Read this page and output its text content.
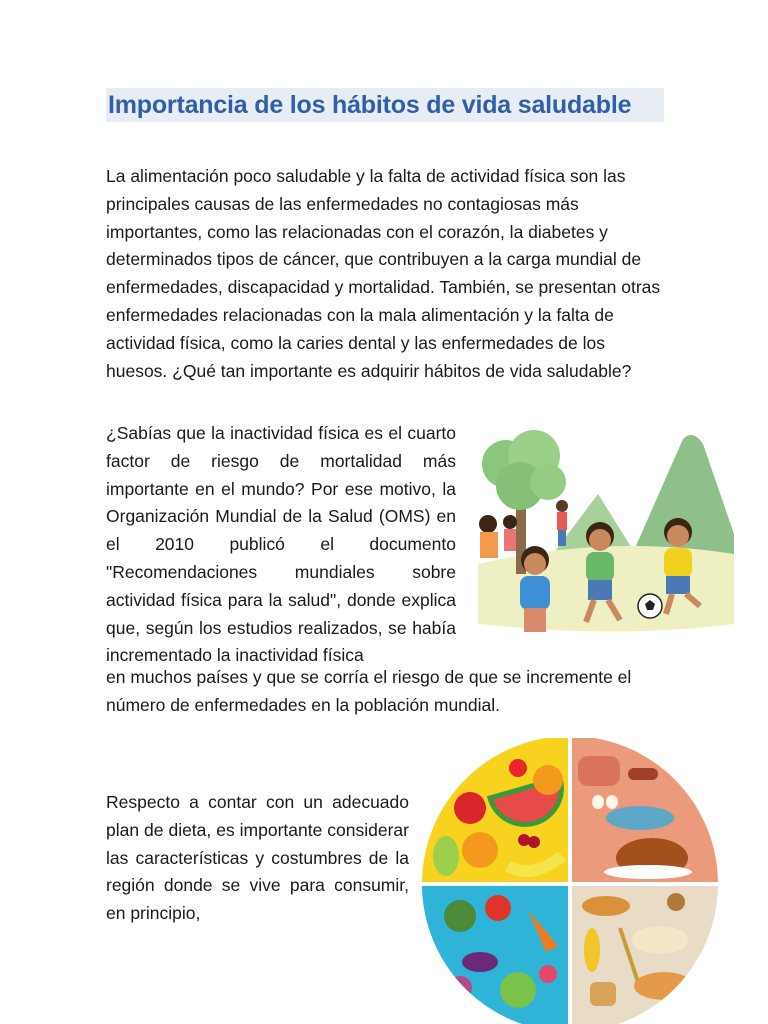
Importancia de los hábitos de vida saludable

La alimentación poco saludable y la falta de actividad física son las principales causas de las enfermedades no contagiosas más importantes, como las relacionadas con el corazón, la diabetes y determinados tipos de cáncer, que contribuyen a la carga mundial de enfermedades, discapacidad y mortalidad. También, se presentan otras enfermedades relacionadas con la mala alimentación y la falta de actividad física, como la caries dental y las enfermedades de los huesos. ¿Qué tan importante es adquirir hábitos de vida saludable?

¿Sabías que la inactividad física es el cuarto factor de riesgo de mortalidad más importante en el mundo? Por ese motivo, la Organización Mundial de la Salud (OMS) en el 2010 publicó el documento "Recomendaciones mundiales sobre actividad física para la salud", donde explica que, según los estudios realizados, se había incrementado la inactividad física

en muchos países y que se corría el riesgo de que se incremente el número de enfermedades en la población mundial.

Respecto a contar con un adecuado plan de dieta, es importante considerar las características y costumbres de la región donde se vive para consumir, en principio,
